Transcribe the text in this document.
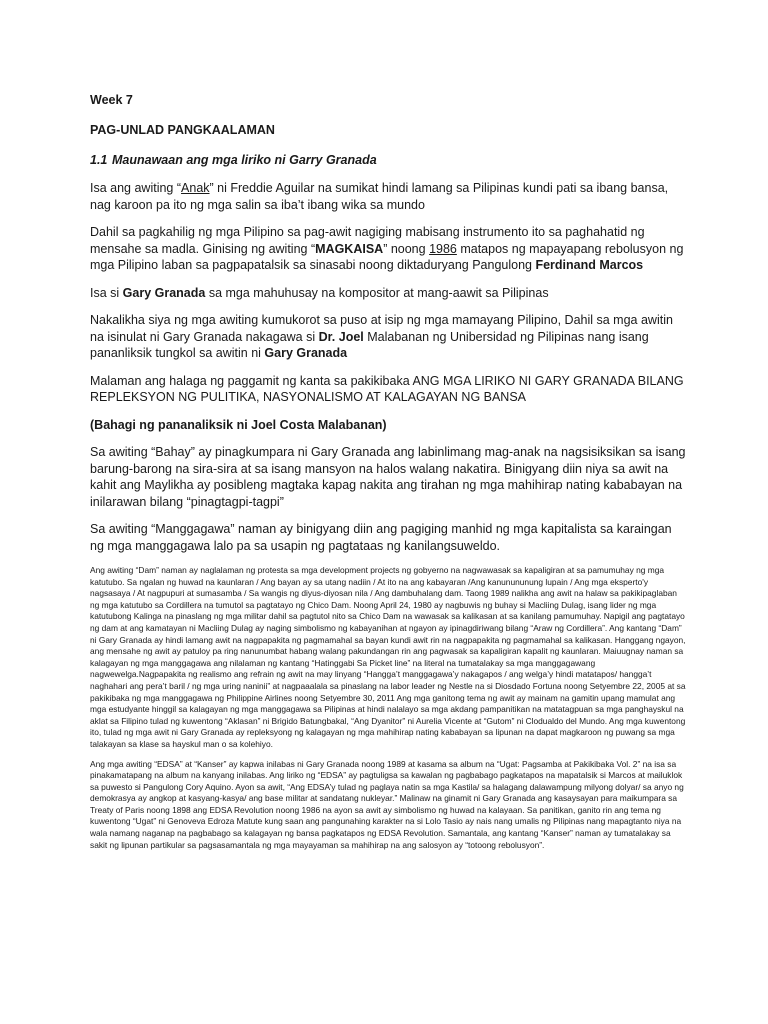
Week 7
PAG-UNLAD PANGKAALAMAN
1.1 Maunawaan ang mga liriko ni Garry Granada

Isa ang awiting “Anak” ni Freddie Aguilar na sumikat hindi lamang sa Pilipinas kundi pati sa ibang bansa, nag karoon pa ito ng mga salin sa iba’t ibang wika sa mundo

Dahil sa pagkahilig ng mga Pilipino sa pag-awit nagiging mabisang instrumento ito sa paghahatid ng mensahe sa madla. Ginising ng awiting “MAGKAISA” noong 1986 matapos ng mapayapang rebolusyon ng mga Pilipino laban sa pagpapatalsik sa sinasabi noong diktaduryang Pangulong Ferdinand Marcos

Isa si Gary Granada sa mga mahuhusay na kompositor at mang-aawit sa Pilipinas

Nakalikha siya ng mga awiting kumukorot sa puso at isip ng mga mamayang Pilipino, Dahil sa mga awitin na isinulat ni Gary Granada nakagawa si Dr. Joel Malabanan ng Unibersidad ng Pilipinas nang isang pananliksik tungkol sa awitin ni Gary Granada

Malaman ang halaga ng paggamit ng kanta sa pakikibaka ANG MGA LIRIKO NI GARY GRANADA BILANG REPLEKSYON NG PULITIKA, NASYONALISMO AT KALAGAYAN NG BANSA

(Bahagi ng pananaliksik ni Joel Costa Malabanan)

Sa awiting “Bahay” ay pinagkumpara ni Gary Granada ang labinlimang mag-anak na nagsisiksikan sa isang barung-barong na sira-sira at sa isang mansyon na halos walang nakatira. Binigyang diin niya sa awit na kahit ang Maylikha ay posibleng magtaka kapag nakita ang tirahan ng mga mahihirap nating kababayan na inilarawan bilang “pinagtagpi-tagpi”

Sa awiting “Manggagawa” naman ay binigyang diin ang pagiging manhid ng mga kapitalista sa karaingan ng mga manggagawa lalo pa sa usapin ng pagtataas ng kanilangsuweldo.

Ang awiting “Dam” naman ay naglalaman ng protesta sa mga development projects ng gobyerno na nagwawasak sa kapaligiran at sa pamumuhay ng mga katutubo. Sa ngalan ng huwad na kaunlaran / Ang bayan ay sa utang nadiin / At ito na ang kabayaran /Ang kanunununung lupain / Ang mga eksperto'y nagsasaya / At nagpupuri at sumasamba / Sa wangis ng diyus-diyosan nila / Ang dambuhalang dam. Taong 1989 nalikha ang awit na halaw sa pakikipaglaban ng mga katutubo sa Cordillera na tumutol sa pagtatayo ng Chico Dam. Noong April 24, 1980 ay nagbuwis ng buhay si Macliing Dulag, isang lider ng mga katutubong Kalinga na pinaslang ng mga militar dahil sa pagtutol nito sa Chico Dam na wawasak sa kalikasan at sa kanilang pamumuhay. Napigil ang pagtatayo ng dam at ang kamatayan ni Macliing Dulag ay naging simbolismo ng kabayanihan at ngayon ay ipinagdiriwang bilang “Araw ng Cordillera”. Ang kantang “Dam” ni Gary Granada ay hindi lamang awit na nagpapakita ng pagmamahal sa bayan kundi awit rin na nagpapakita ng pagmamahal sa kalikasan. Hanggang ngayon, ang mensahe ng awit ay patuloy pa ring nanunumbat habang walang pakundangan rin ang pagwasak sa kapaligiran kapalit ng kaunlaran. Maiuugnay naman sa kalagayan ng mga manggagawa ang nilalaman ng kantang “Hatinggabi Sa Picket line” na literal na tumatalakay sa mga manggagawang nagwewelga.Nagpapakita ng realismo ang refrain ng awit na may linyang “Hangga’t manggagawa’y nakagapos / ang welga’y hindi matatapos/ hangga’t naghahari ang pera’t baril / ng mga uring naninii” at nagpaaalala sa pinaslang na labor leader ng Nestle na si Diosdado Fortuna noong Setyembre 22, 2005 at sa pakikibaka ng mga manggagawa ng Philippine Airlines noong Setyembre 30, 2011 Ang mga ganitong tema ng awit ay mainam na gamitin upang mamulat ang mga estudyante hinggil sa kalagayan ng mga manggagawa sa Pilipinas at hindi nalalayo sa mga akdang pampanitikan na matatagpuan sa mga panghayskul na aklat sa Filipino tulad ng kuwentong “Aklasan” ni Brigido Batungbakal, “Ang Dyanitor” ni Aurelia Vicente at “Gutom” ni Clodualdo del Mundo. Ang mga kuwentong ito, tulad ng mga awit ni Gary Granada ay repleksyong ng kalagayan ng mga mahihirap nating kababayan sa lipunan na dapat magkaroon ng puwang sa mga talakayan sa klase sa hayskul man o sa kolehiyo.

Ang mga awiting “EDSA” at “Kanser” ay kapwa inilabas ni Gary Granada noong 1989 at kasama sa album na “Ugat: Pagsamba at Pakikibaka Vol. 2” na isa sa pinakamatapang na album na kanyang inilabas. Ang liriko ng “EDSA” ay pagtuligsa sa kawalan ng pagbabago pagkatapos na mapatalsik si Marcos at mailuklok sa puwesto si Pangulong Cory Aquino. Ayon sa awit, “Ang EDSA’y tulad ng paglaya natin sa mga Kastila/ sa halagang dalawampung milyong dolyar/ sa anyo ng demokrasya ay angkop at kasyang-kasya/ ang base militar at sandatang nukleyar.” Malinaw na ginamit ni Gary Granada ang kasaysayan para maikumpara sa Treaty of Paris noong 1898 ang EDSA Revolution noong 1986 na ayon sa awit ay simbolismo ng huwad na kalayaan. Sa panitikan, ganito rin ang tema ng kuwentong “Ugat” ni Genoveva Edroza Matute kung saan ang pangunahing karakter na si Lolo Tasio ay nais nang umalis ng Pilipinas nang mapagtanto niya na wala namang naganap na pagbabago sa kalagayan ng bansa pagkatapos ng EDSA Revolution. Samantala, ang kantang “Kanser” naman ay tumatalakay sa sakit ng lipunan partikular sa pagsasamantala ng mga mayayaman sa mahihirap na ang salosyon ay “totoong rebolusyon”.
